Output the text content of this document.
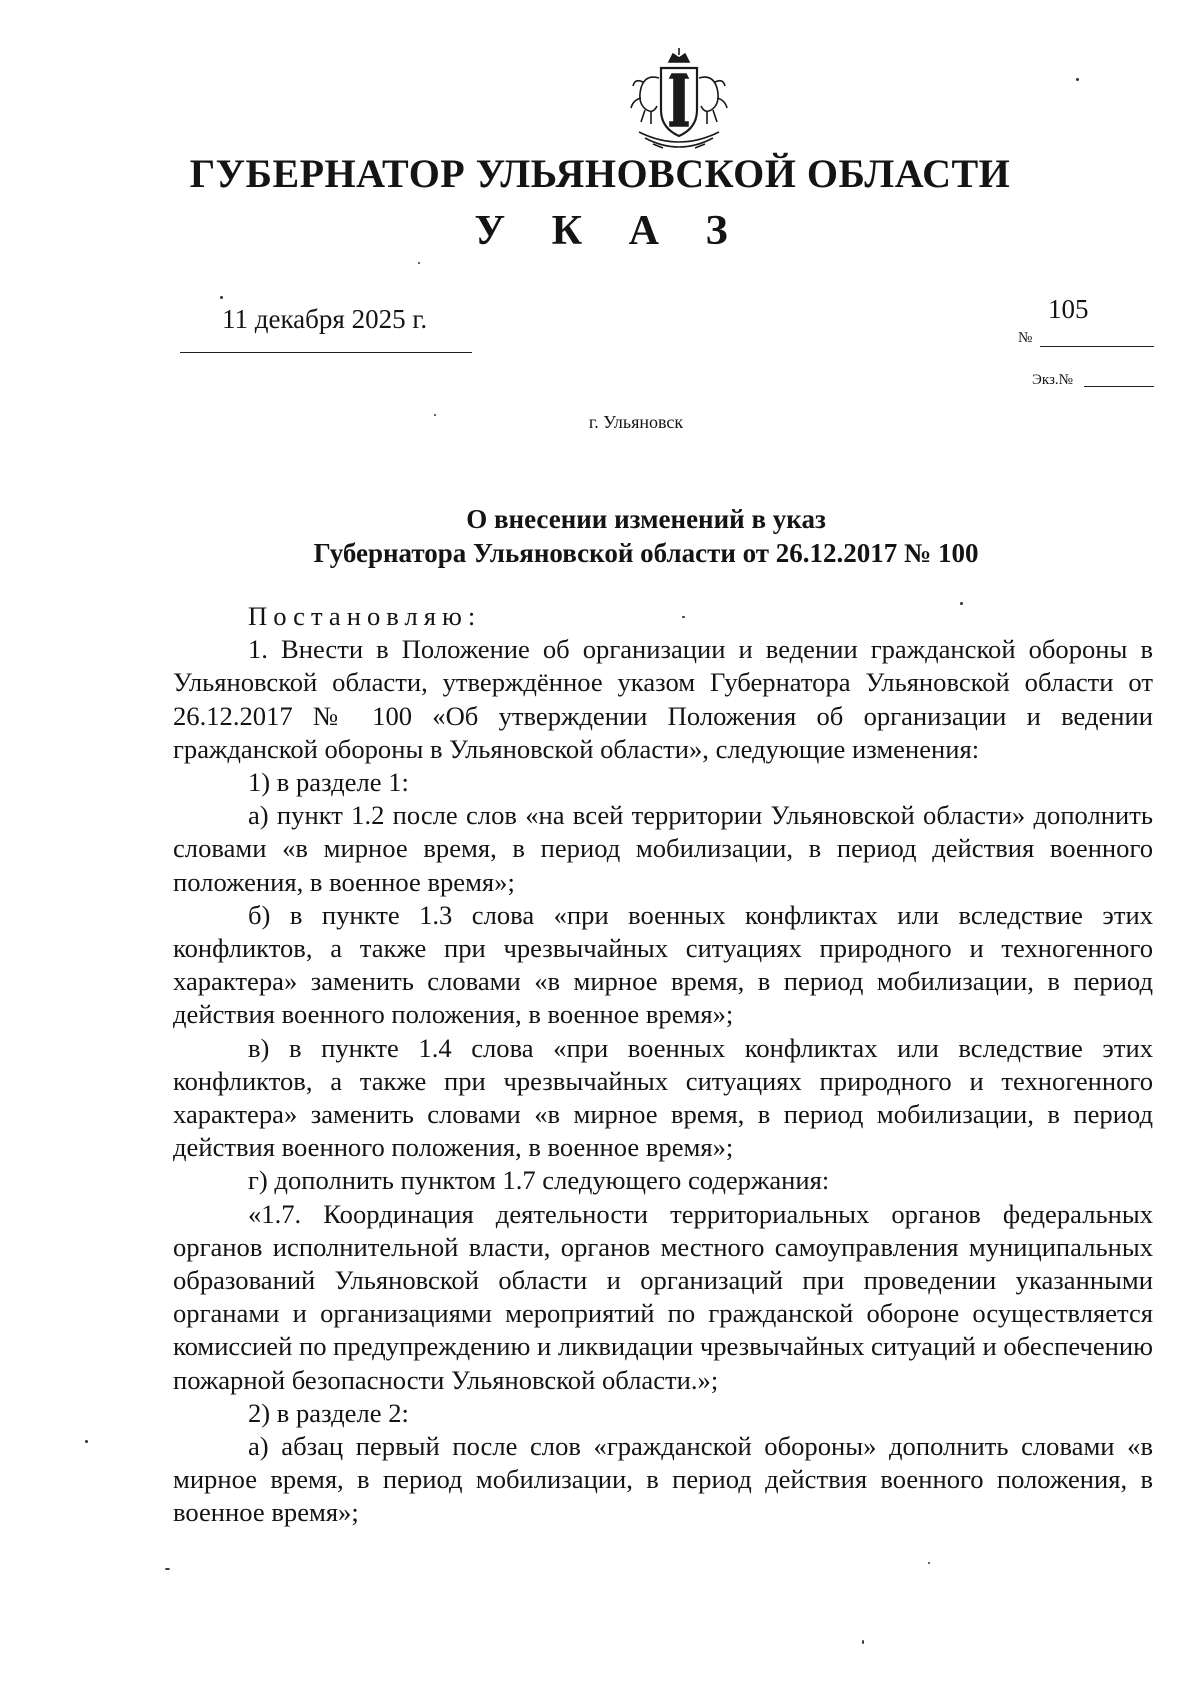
ГУБЕРНАТОР УЛЬЯНОВСКОЙ ОБЛАСТИ
У К А З
11 декабря 2025 г.	105
№
Экз.№
г. Ульяновск
О внесении изменений в указ
Губернатора Ульяновской области от 26.12.2017 № 100

Постановляю:

1. Внести в Положение об организации и ведении гражданской обороны в Ульяновской области, утверждённое указом Губернатора Ульяновской области от 26.12.2017 № 100 «Об утверждении Положения об организации и ведении гражданской обороны в Ульяновской области», следующие изменения:

1) в разделе 1:

а) пункт 1.2 после слов «на всей территории Ульяновской области» дополнить словами «в мирное время, в период мобилизации, в период действия военного положения, в военное время»;

б) в пункте 1.3 слова «при военных конфликтах или вследствие этих конфликтов, а также при чрезвычайных ситуациях природного и техногенного характера» заменить словами «в мирное время, в период мобилизации, в период действия военного положения, в военное время»;

в) в пункте 1.4 слова «при военных конфликтах или вследствие этих конфликтов, а также при чрезвычайных ситуациях природного и техногенного характера» заменить словами «в мирное время, в период мобилизации, в период действия военного положения, в военное время»;

г) дополнить пунктом 1.7 следующего содержания:

«1.7. Координация деятельности территориальных органов федеральных органов исполнительной власти, органов местного самоуправления муниципальных образований Ульяновской области и организаций при проведении указанными органами и организациями мероприятий по гражданской обороне осуществляется комиссией по предупреждению и ликвидации чрезвычайных ситуаций и обеспечению пожарной безопасности Ульяновской области.»;

2) в разделе 2:

а) абзац первый после слов «гражданской обороны» дополнить словами «в мирное время, в период мобилизации, в период действия военного положения, в военное время»;
